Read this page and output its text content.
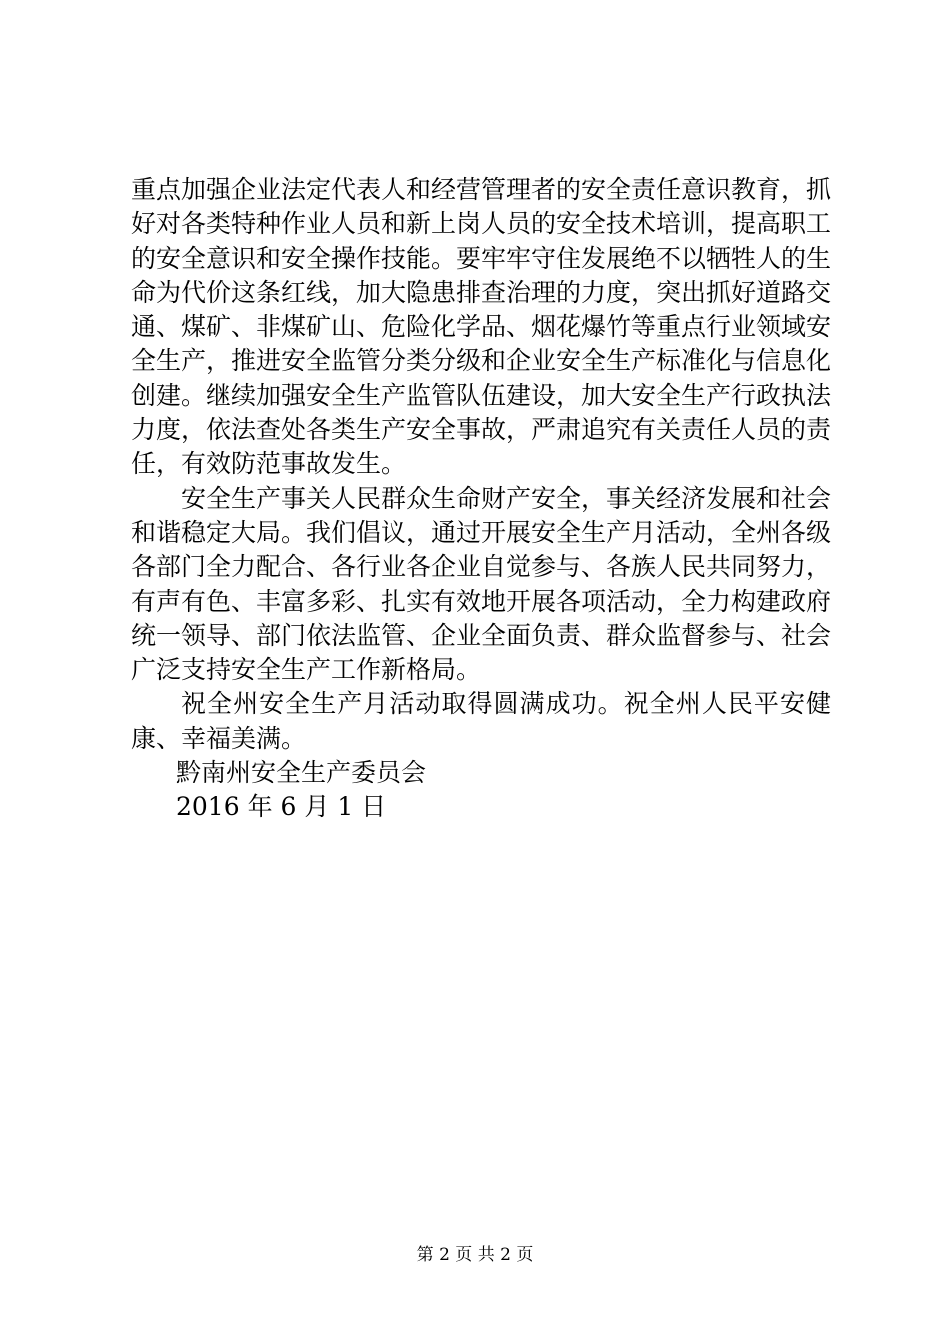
重点加强企业法定代表人和经营管理者的安全责任意识教育，抓好对各类特种作业人员和新上岗人员的安全技术培训，提高职工的安全意识和安全操作技能。要牢牢守住发展绝不以牺牲人的生命为代价这条红线，加大隐患排查治理的力度，突出抓好道路交通、煤矿、非煤矿山、危险化学品、烟花爆竹等重点行业领域安全生产，推进安全监管分类分级和企业安全生产标准化与信息化创建。继续加强安全生产监管队伍建设，加大安全生产行政执法力度，依法查处各类生产安全事故，严肃追究有关责任人员的责任，有效防范事故发生。

安全生产事关人民群众生命财产安全，事关经济发展和社会和谐稳定大局。我们倡议，通过开展安全生产月活动，全州各级各部门全力配合、各行业各企业自觉参与、各族人民共同努力，有声有色、丰富多彩、扎实有效地开展各项活动，全力构建政府统一领导、部门依法监管、企业全面负责、群众监督参与、社会广泛支持安全生产工作新格局。

祝全州安全生产月活动取得圆满成功。祝全州人民平安健康、幸福美满。

黔南州安全生产委员会

2016 年 6 月 1 日

第 2 页 共 2 页
